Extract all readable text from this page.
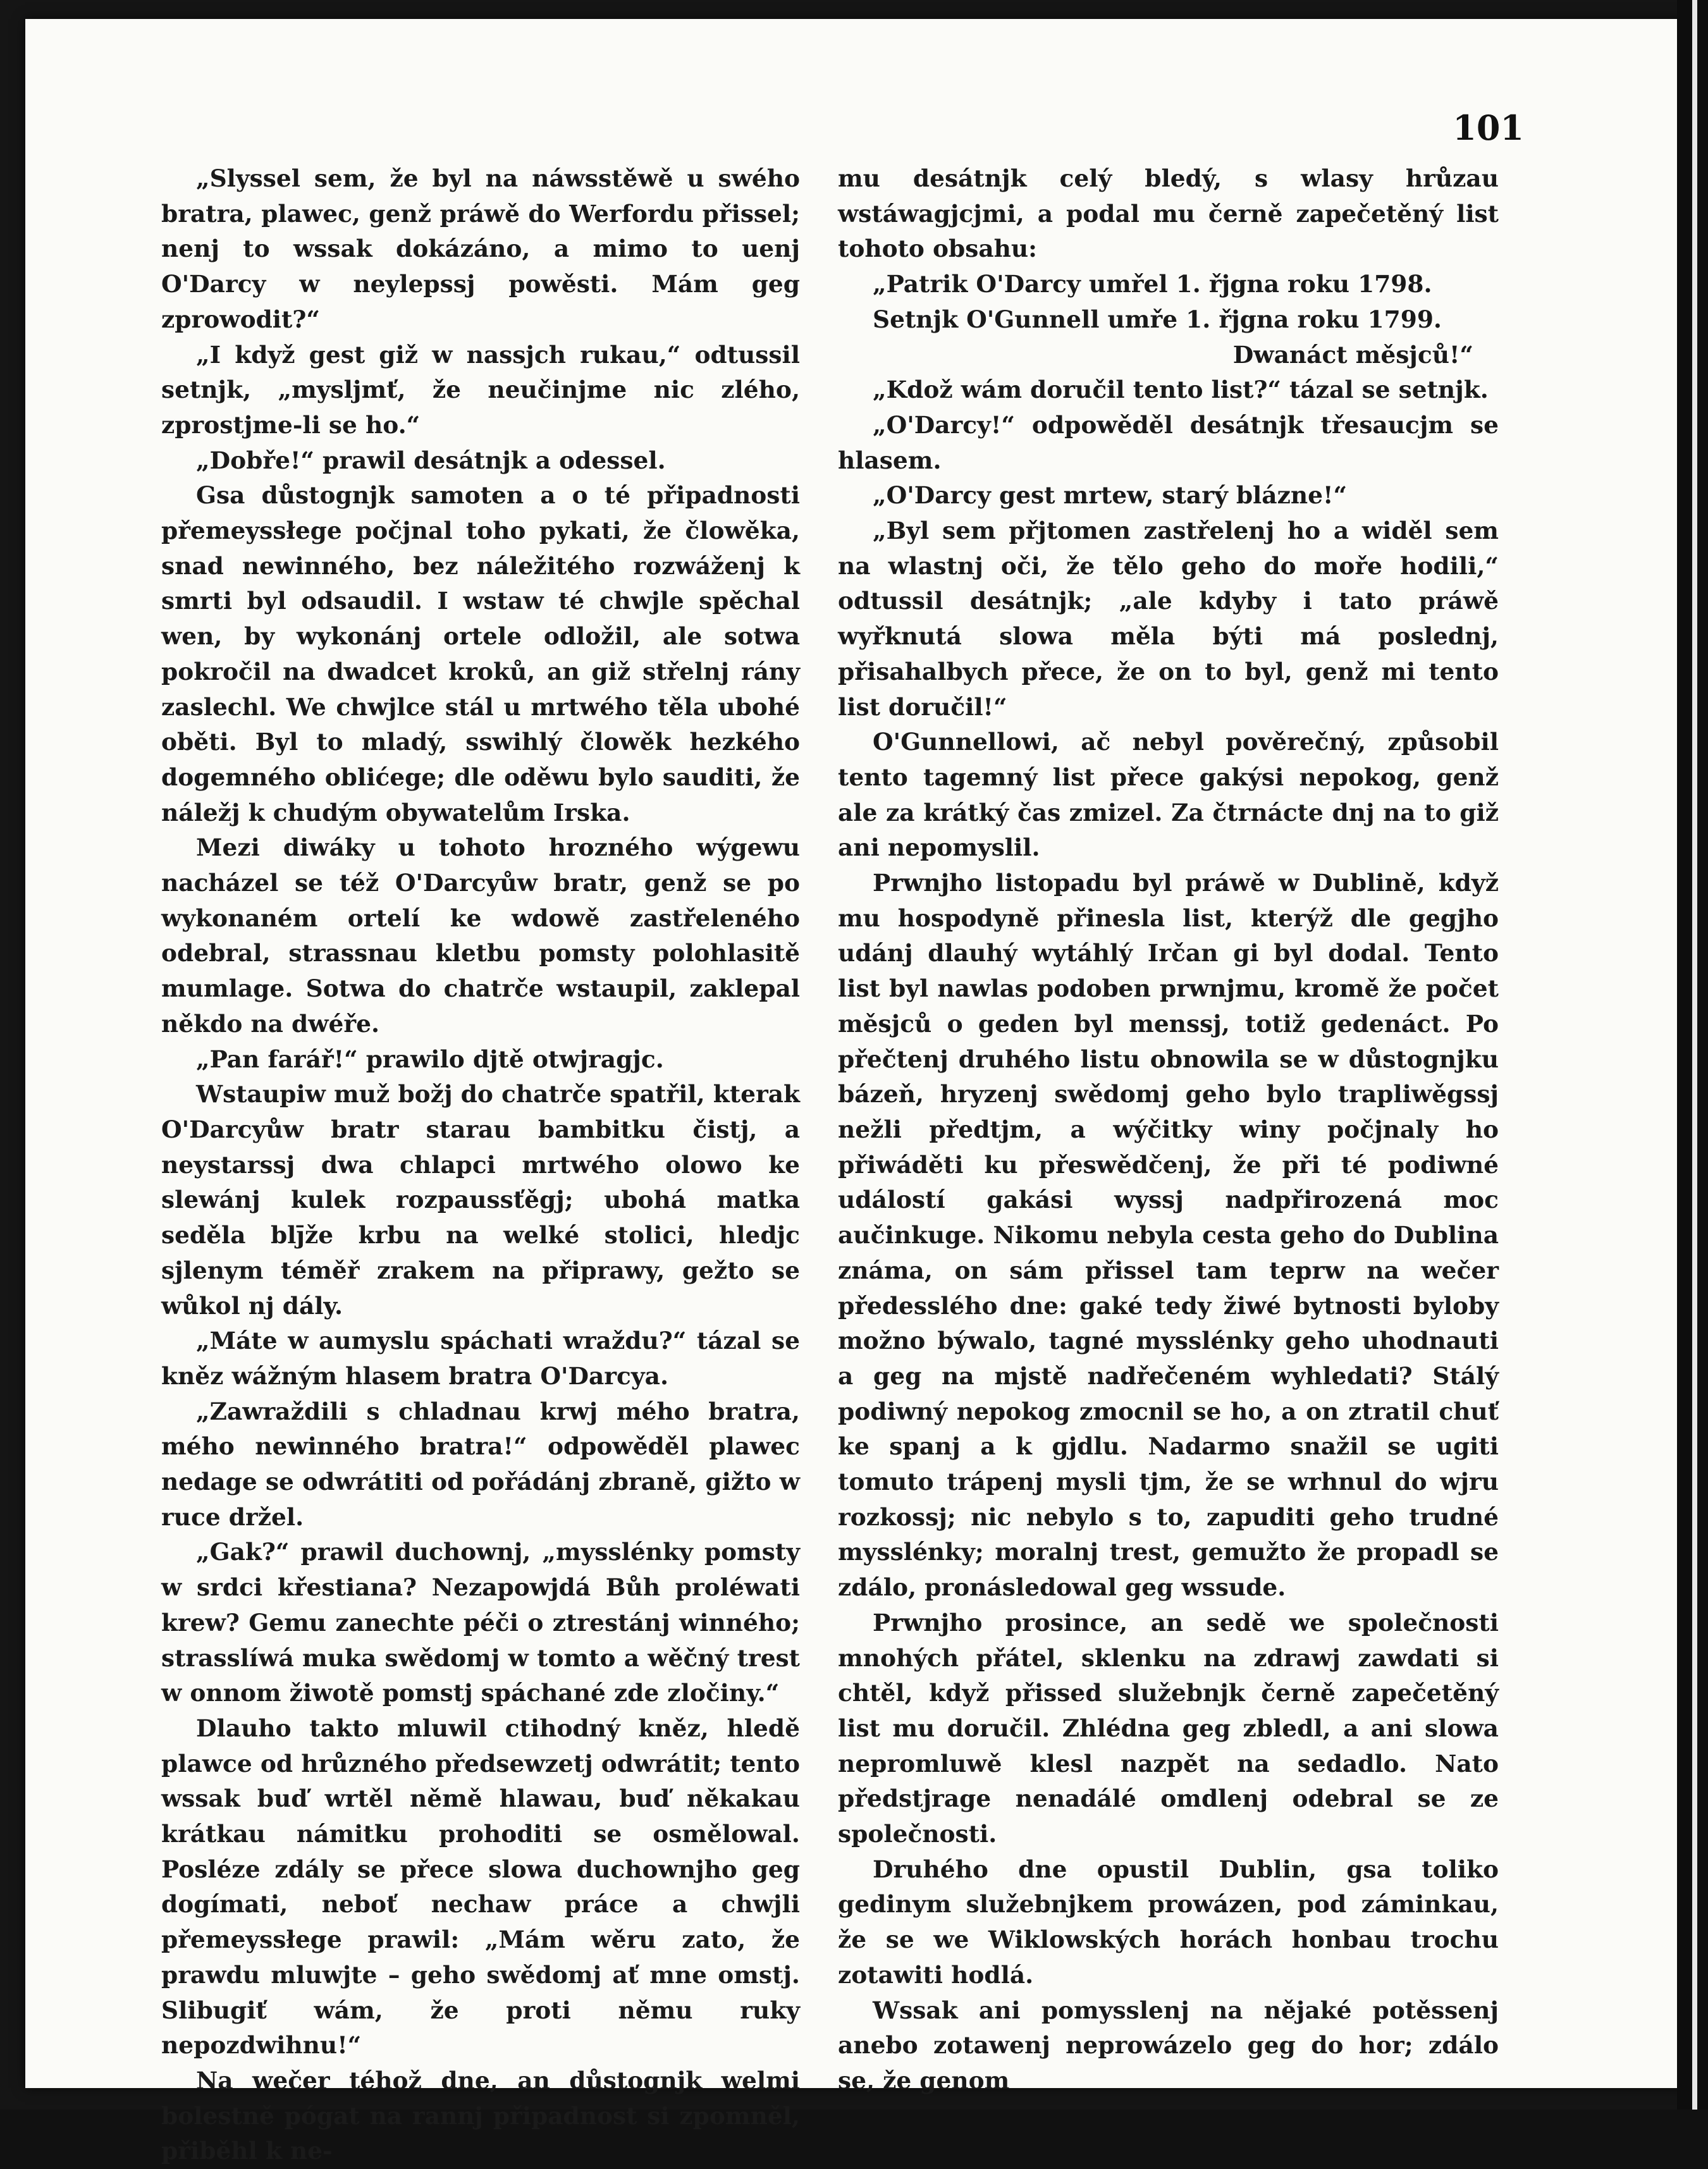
101

„Slyssel sem, že byl na náwsstěwě u swého bratra, plawec, genž práwě do Werfordu přissel; nenj to wssak dokázáno, a mimo to uenj O'Darcy w neylepssj powěsti. Mám geg zprowodit?“

„I když gest giž w nassjch rukau,“ odtussil setnjk, „mysljmť, že neučinjme nic zlého, zprostjme-li se ho.“

„Dobře!“ prawil desátnjk a odessel.

Gsa důstognjk samoten a o té připadnosti přemeyssłege počjnal toho pykati, že člowěka, snad newinného, bez náležitého rozwáženj k smrti byl odsaudil. I wstaw té chwjle spěchal wen, by wykonánj ortele odložil, ale sotwa pokročil na dwadcet kroků, an giž střelnj rány zaslechl. We chwjlce stál u mrtwého těla ubohé oběti. Byl to mladý, sswihlý člowěk hezkého dogemného oblićege; dle oděwu bylo sauditi, že náležj k chudým obywatelům Irska.

Mezi diwáky u tohoto hrozného wýgewu nacházel se též O'Darcyůw bratr, genž se po wykonaném ortelí ke wdowě zastřeleného odebral, strassnau kletbu pomsty polohlasitě mumlage. Sotwa do chatrče wstaupil, zaklepal někdo na dwéře.

„Pan farář!“ prawilo djtě otwjragjc.

Wstaupiw muž božj do chatrče spatřil, kterak O'Darcyůw bratr starau bambitku čistj, a neystarssj dwa chlapci mrtwého olowo ke slewánj kulek rozpaussťěgj; ubohá matka seděla blj̄že krbu na welké stolici, hledjc sjlenym téměř zrakem na připrawy, gežto se wůkol nj dály.

„Máte w aumyslu spáchati wraždu?“ tázal se kněz wážným hlasem bratra O'Darcya.

„Zawraždili s chladnau krwj mého bratra, mého newinného bratra!“ odpowěděl plawec nedage se odwrátiti od pořádánj zbraně, gižto w ruce držel.

„Gak?“ prawil duchownj, „mysslénky pomsty w srdci křestiana? Nezapowjdá Bůh proléwati krew? Gemu zanechte péči o ztrestánj winného; strasslíwá muka swědomj w tomto a wěčný trest w onnom žiwotě pomstj spáchané zde zločiny.“

Dlauho takto mluwil ctihodný kněz, hledě plawce od hrůzného předsewzetj odwrátit; tento wssak buď wrtěl němě hlawau, buď někakau krátkau námitku prohoditi se osmělowal. Posléze zdály se přece slowa duchownjho geg dogímati, neboť nechaw práce a chwjli přemeyssłege prawil: „Mám wěru zato, že prawdu mluwjte – geho swědomj ať mne omstj. Slibugiť wám, že proti němu ruky nepozdwihnu!“

Na wečer téhož dne, an důstognjk welmi bolestně pógat na rannj připadnost si zpomněl, přiběhl k ne-

mu desátnjk celý bledý, s wlasy hrůzau wstáwagjcjmi, a podal mu černě zapečetěný list tohoto obsahu:

„Patrik O'Darcy umřel 1. řjgna roku 1798.

Setnjk O'Gunnell umře 1. řjgna roku 1799.

Dwanáct měsjců!“

„Kdož wám doručil tento list?“ tázal se setnjk.

„O'Darcy!“ odpowěděl desátnjk třesaucjm se hlasem.

„O'Darcy gest mrtew, starý blázne!“

„Byl sem přjtomen zastřelenj ho a widěl sem na wlastnj oči, že tělo geho do moře hodili,“ odtussil desátnjk; „ale kdyby i tato práwě wyřknutá slowa měla býti má poslednj, přisahalbych přece, že on to byl, genž mi tento list doručil!“

O'Gunnellowi, ač nebyl pověrečný, způsobil tento tagemný list přece gakýsi nepokog, genž ale za krátký čas zmizel. Za čtrnácte dnj na to giž ani nepomyslil.

Prwnjho listopadu byl práwě w Dublině, když mu hospodyně přinesla list, kterýž dle gegjho udánj dlauhý wytáhlý Irčan gi byl dodal. Tento list byl nawlas podoben prwnjmu, kromě že počet měsjců o geden byl menssj, totiž gedenáct. Po přečtenj druhého listu obnowila se w důstognjku bázeň, hryzenj swědomj geho bylo trapliwěgssj nežli předtjm, a wýčitky winy počjnaly ho přiwáděti ku přeswědčenj, že při té podiwné událostí gakási wyssj nadpřirozená moc aučinkuge. Nikomu nebyla cesta geho do Dublina známa, on sám přissel tam teprw na wečer předesslého dne: gaké tedy žiwé bytnosti byloby možno býwalo, tagné mysslénky geho uhodnauti a geg na mjstě nadřečeném wyhledati? Stálý podiwný nepokog zmocnil se ho, a on ztratil chuť ke spanj a k gjdlu. Nadarmo snažil se ugiti tomuto trápenj mysli tjm, že se wrhnul do wjru rozkossj; nic nebylo s to, zapuditi geho trudné mysslénky; moralnj trest, gemužto že propadl se zdálo, pronásledowal geg wssude.

Prwnjho prosince, an sedě we společnosti mnohých přátel, sklenku na zdrawj zawdati si chtěl, když přissed služebnjk černě zapečetěný list mu doručil. Zhlédna geg zbledl, a ani slowa nepromluwě klesl nazpět na sedadlo. Nato předstjrage nenadálé omdlenj odebral se ze společnosti.

Druhého dne opustil Dublin, gsa toliko gedinym služebnjkem prowázen, pod záminkau, že se we Wiklowských horách honbau trochu zotawiti hodlá.

Wssak ani pomysslenj na nějaké potěssenj anebo zotawenj neprowázelo geg do hor; zdálo se, že genom
